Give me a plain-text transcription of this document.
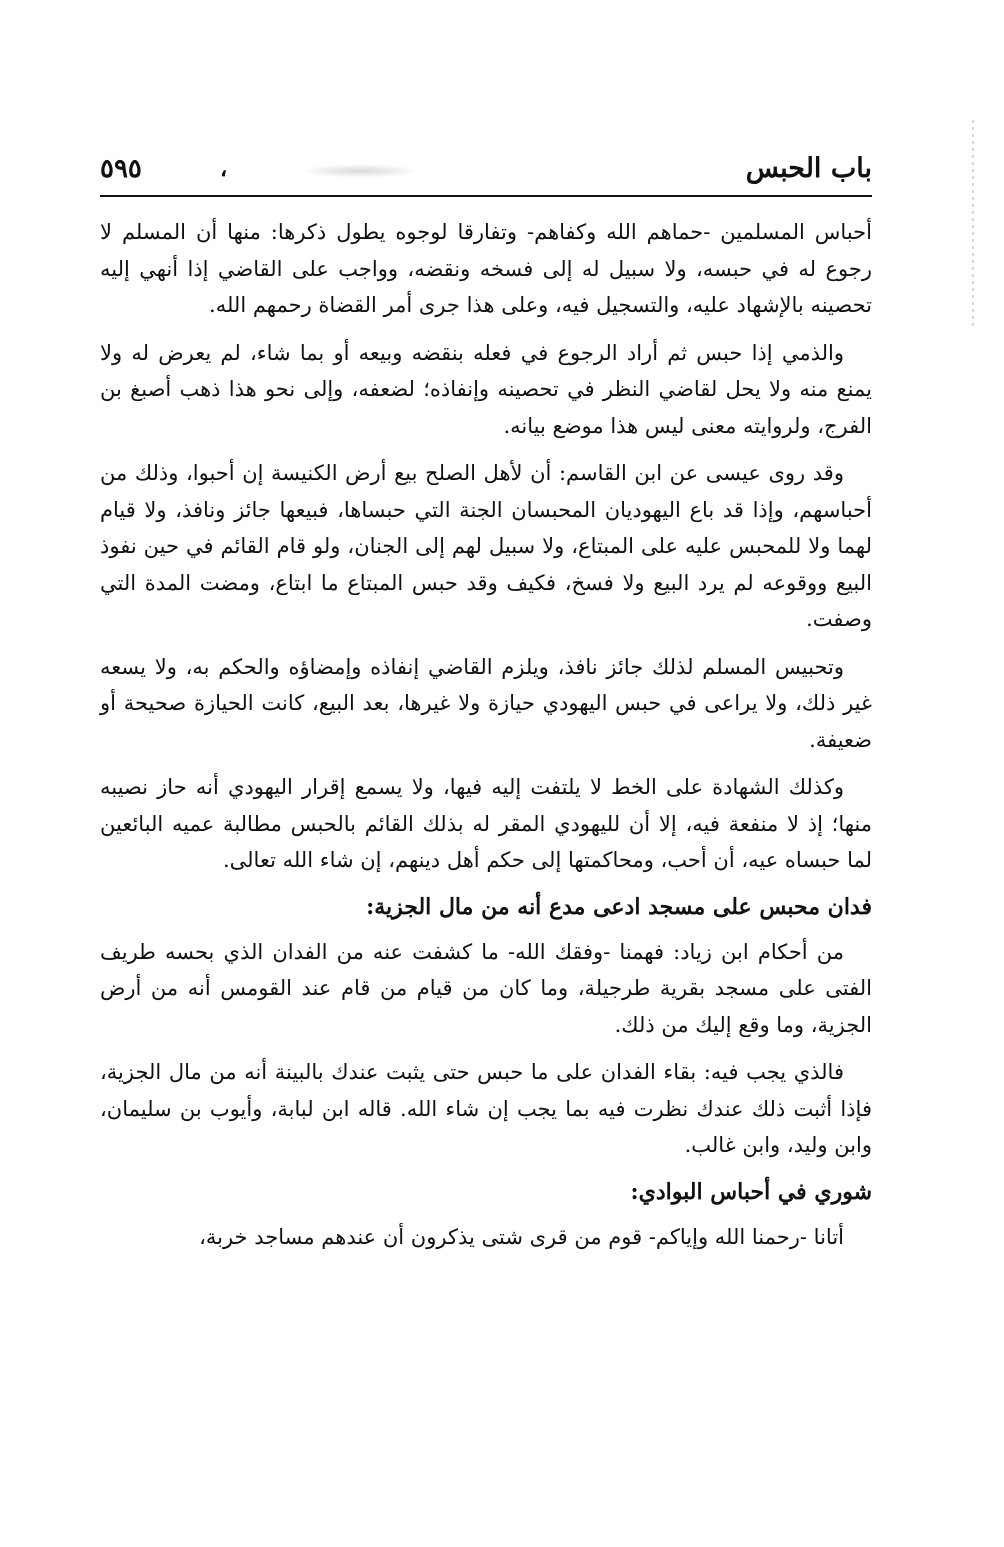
باب الحبس
،
٥٩٥

أحباس المسلمين -حماهم الله وكفاهم- وتفارقا لوجوه يطول ذكرها: منها أن المسلم لا رجوع له في حبسه، ولا سبيل له إلى فسخه ونقضه، وواجب على القاضي إذا أنهي إليه تحصينه بالإشهاد عليه، والتسجيل فيه، وعلى هذا جرى أمر القضاة رحمهم الله.

والذمي إذا حبس ثم أراد الرجوع في فعله بنقضه وبيعه أو بما شاء، لم يعرض له ولا يمنع منه ولا يحل لقاضي النظر في تحصينه وإنفاذه؛ لضعفه، وإلى نحو هذا ذهب أصبغ بن الفرج، ولروايته معنى ليس هذا موضع بيانه.

وقد روى عيسى عن ابن القاسم: أن لأهل الصلح بيع أرض الكنيسة إن أحبوا، وذلك من أحباسهم، وإذا قد باع اليهوديان المحبسان الجنة التي حبساها، فبيعها جائز ونافذ، ولا قيام لهما ولا للمحبس عليه على المبتاع، ولا سبيل لهم إلى الجنان، ولو قام القائم في حين نفوذ البيع ووقوعه لم يرد البيع ولا فسخ، فكيف وقد حبس المبتاع ما ابتاع، ومضت المدة التي وصفت.

وتحبيس المسلم لذلك جائز نافذ، ويلزم القاضي إنفاذه وإمضاؤه والحكم به، ولا يسعه غير ذلك، ولا يراعى في حبس اليهودي حيازة ولا غيرها، بعد البيع، كانت الحيازة صحيحة أو ضعيفة.

وكذلك الشهادة على الخط لا يلتفت إليه فيها، ولا يسمع إقرار اليهودي أنه حاز نصيبه منها؛ إذ لا منفعة فيه، إلا أن لليهودي المقر له بذلك القائم بالحبس مطالبة عميه البائعين لما حبساه عيه، أن أحب، ومحاكمتها إلى حكم أهل دينهم، إن شاء الله تعالى.

فدان محبس على مسجد ادعى مدع أنه من مال الجزية:

من أحكام ابن زياد: فهمنا -وفقك الله- ما كشفت عنه من الفدان الذي بحسه طريف الفتى على مسجد بقرية طرجيلة، وما كان من قيام من قام عند القومس أنه من أرض الجزية، وما وقع إليك من ذلك.

فالذي يجب فيه: بقاء الفدان على ما حبس حتى يثبت عندك بالبينة أنه من مال الجزية، فإذا أثبت ذلك عندك نظرت فيه بما يجب إن شاء الله. قاله ابن لبابة، وأيوب بن سليمان، وابن وليد، وابن غالب.

شوري في أحباس البوادي:

أتانا -رحمنا الله وإياكم- قوم من قرى شتى يذكرون أن عندهم مساجد خربة،
